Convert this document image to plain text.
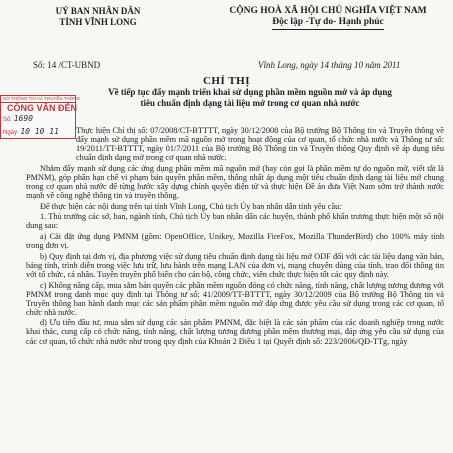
UỶ BAN NHÂN DÂN
TỈNH VĨNH LONG
CỘNG HOÀ XÃ HỘI CHỦ NGHĨA VIỆT NAM
Độc lập -Tự do- Hạnh phúc
Số: 14 /CT-UBND	Vĩnh Long, ngày 14 tháng 10 năm 2011
CHỈ THỊ
Về tiếp tục đẩy mạnh triển khai sử dụng phần mềm nguồn mở và áp dụng tiêu chuẩn định dạng tài liệu mở trong cơ quan nhà nước
SỞ THÔNG TIN VÀ TRUYỀN THÔNG
CÔNG VĂN ĐẾN
Số: 1690
Ngày: 10 10 11	Thực hiện Chỉ thị số: 07/2008/CT-BTTTT, ngày 30/12/2008 của Bộ trưởng Bộ Thông tin và Truyền thông về đẩy mạnh sử dụng phần mềm mã nguồn mở trong hoạt động của cơ quan, tổ chức nhà nước và Thông tư số: 19/2011/TT-BTTTT, ngày 01/7/2011 của Bộ trưởng Bộ Thông tin và Truyền thông Quy định về áp dụng tiêu chuẩn định dạng mở trong cơ quan nhà nước.

Nhằm đẩy mạnh sử dụng các ứng dụng phần mềm mã nguồn mở (hay còn gọi là phần mềm tự do nguồn mở, viết tắt là PMNM), góp phần hạn chế vi phạm bản quyền phần mềm, thống nhất áp dụng một tiêu chuẩn định dạng tài liệu mở chung trong cơ quan nhà nước để từng bước xây dựng chính quyền điện tử và thực hiện Đề án đưa Việt Nam sớm trở thành nước mạnh về công nghệ thông tin và truyền thông.

Để thực hiện các nội dung trên tại tỉnh Vĩnh Long, Chủ tịch Ủy ban nhân dân tỉnh yêu cầu:

1. Thủ trưởng các sở, ban, ngành tỉnh, Chủ tịch Ủy ban nhân dân các huyện, thành phố khẩn trương thực hiện một số nội dung sau:

a) Cài đặt ứng dụng PMNM (gồm: OpenOffice, Unikey, Mozilla FireFox, Mozilla ThunderBird) cho 100% máy tính trong đơn vị.

b) Quy định tại đơn vị, địa phương việc sử dụng tiêu chuẩn định dạng tài liệu mở ODF đối với các tài liệu dạng văn bản, bảng tính, trình diễn trong việc lưu trữ, lưu hành trên mạng LAN của đơn vị, mạng chuyên dùng của tỉnh, trao đổi thông tin với tổ chức, cá nhân. Tuyên truyền phổ biến cho cán bộ, công chức, viên chức thực hiện tốt các quy định này.

c) Không nâng cấp, mua sắm bản quyền các phần mềm nguồn đóng có chức năng, tính năng, chất lượng tương đương với PMNM trong danh mục quy định tại Thông tư số: 41/2009/TT-BTTTT, ngày 30/12/2009 của Bộ trưởng Bộ Thông tin và Truyền thông ban hành danh mục các sản phẩm phần mềm nguồn mở đáp ứng được yêu cầu sử dụng trong các cơ quan, tổ chức nhà nước.

d) Ưu tiên đầu tư, mua sắm sử dụng các sản phẩm PMNM, đặc biệt là các sản phẩm của các doanh nghiệp trong nước khai thác, cung cấp có chức năng, tính năng, chất lượng tương đương phần mềm thương mại, đáp ứng yêu cầu sử dụng của các cơ quan, tổ chức nhà nước như trong quy định của Khoản 2 Điều 1 tại Quyết định số: 223/2006/QĐ-TTg, ngày
